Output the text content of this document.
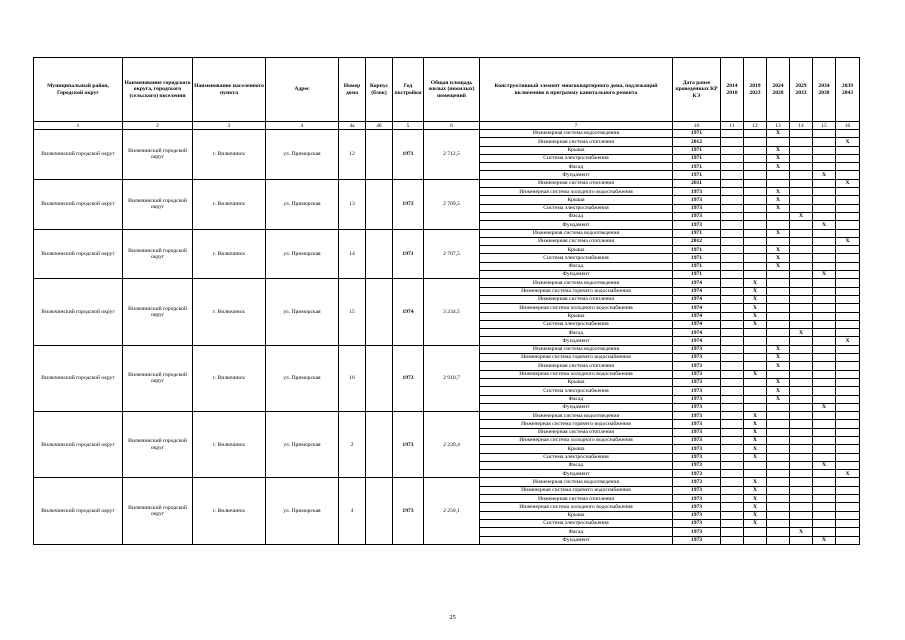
Муниципальный район, Городской округ	Наименование городского округа, городского (сельского) поселения	Наименование населенного пункта	Адрес	Номер дома	Корпус (блок)	Год постройки	Общая площадь жилых (нежилых) помещений	Конструктивный элемент многоквартирного дома, подлежащий включению в программу капитального ремонта	Дата ранее проведенных КР КЭ	2014 2018	2019 2023	2024 2028	2029 2033	2034 2038	2039 2043
1	2	3	4	4а	4б	5	6	7	10	11	12	13	14	15	16
Вилючинский городской округ	Вилючинский городской округ	г. Вилючинск	ул. Приморская	12		1971	2 712,5	Инженерная система водоотведения	1971			X			
								Инженерная система отопления	2012						X
								Крыша	1971			X			
								Система электроснабжения	1971			X			
								Фасад	1971			X			
								Фундамент	1971					X	
Вилючинский городской округ	Вилючинский городской округ	г. Вилючинск	ул. Приморская	13		1973	2 709,5	Инженерная система отопления	2011						X
								Инженерная система холодного водоснабжения	1973			X			
								Крыша	1973			X			
								Система электроснабжения	1973			X			
								Фасад	1973				X		
								Фундамент	1973					X	
Вилючинский городской округ	Вилючинский городской округ	г. Вилючинск	ул. Приморская	14		1971	2 707,5	Инженерная система водоотведения	1971			X			
								Инженерная система отопления	2012						X
								Крыша	1971			X			
								Система электроснабжения	1971			X			
								Фасад	1971			X			
								Фундамент	1971					X	
Вилючинский городской округ	Вилючинский городской округ	г. Вилючинск	ул. Приморская	15		1974	3 234,5	Инженерная система водоотведения	1974		X				
								Инженерная система горячего водоснабжения	1974		X				
								Инженерная система отопления	1974		X				
								Инженерная система холодного водоснабжения	1974		X				
								Крыша	1974		X				
								Система электроснабжения	1974		X				
								Фасад	1974				X		
								Фундамент	1974						X
Вилючинский городской округ	Вилючинский городской округ	г. Вилючинск	ул. Приморская	16		1973	2 910,7	Инженерная система водоотведения	1973			X			
								Инженерная система горячего водоснабжения	1973			X			
								Инженерная система отопления	1973			X			
								Инженерная система холодного водоснабжения	1973		X				
								Крыша	1973			X			
								Система электроснабжения	1973			X			
								Фасад	1973			X			
								Фундамент	1973					X	
Вилючинский городской округ	Вилючинский городской округ	г. Вилючинск	ул. Приморская	2		1973	2 239,4	Инженерная система водоотведения	1973		X				
								Инженерная система горячего водоснабжения	1973		X				
								Инженерная система отопления	1973		X				
								Инженерная система холодного водоснабжения	1973		X				
								Крыша	1973		X				
								Система электроснабжения	1973		X				
								Фасад	1973					X	
								Фундамент	1973						X
Вилючинский городской округ	Вилючинский городской округ	г. Вилючинск	ул. Приморская	4		1973	2 250,1	Инженерная система водоотведения	1973		X				
								Инженерная система горячего водоснабжения	1973		X				
								Инженерная система отопления	1973		X				
								Инженерная система холодного водоснабжения	1973		X				
								Крыша	1973		X				
								Система электроснабжения	1973		X				
								Фасад	1973				X		
								Фундамент	1973					X	
25
